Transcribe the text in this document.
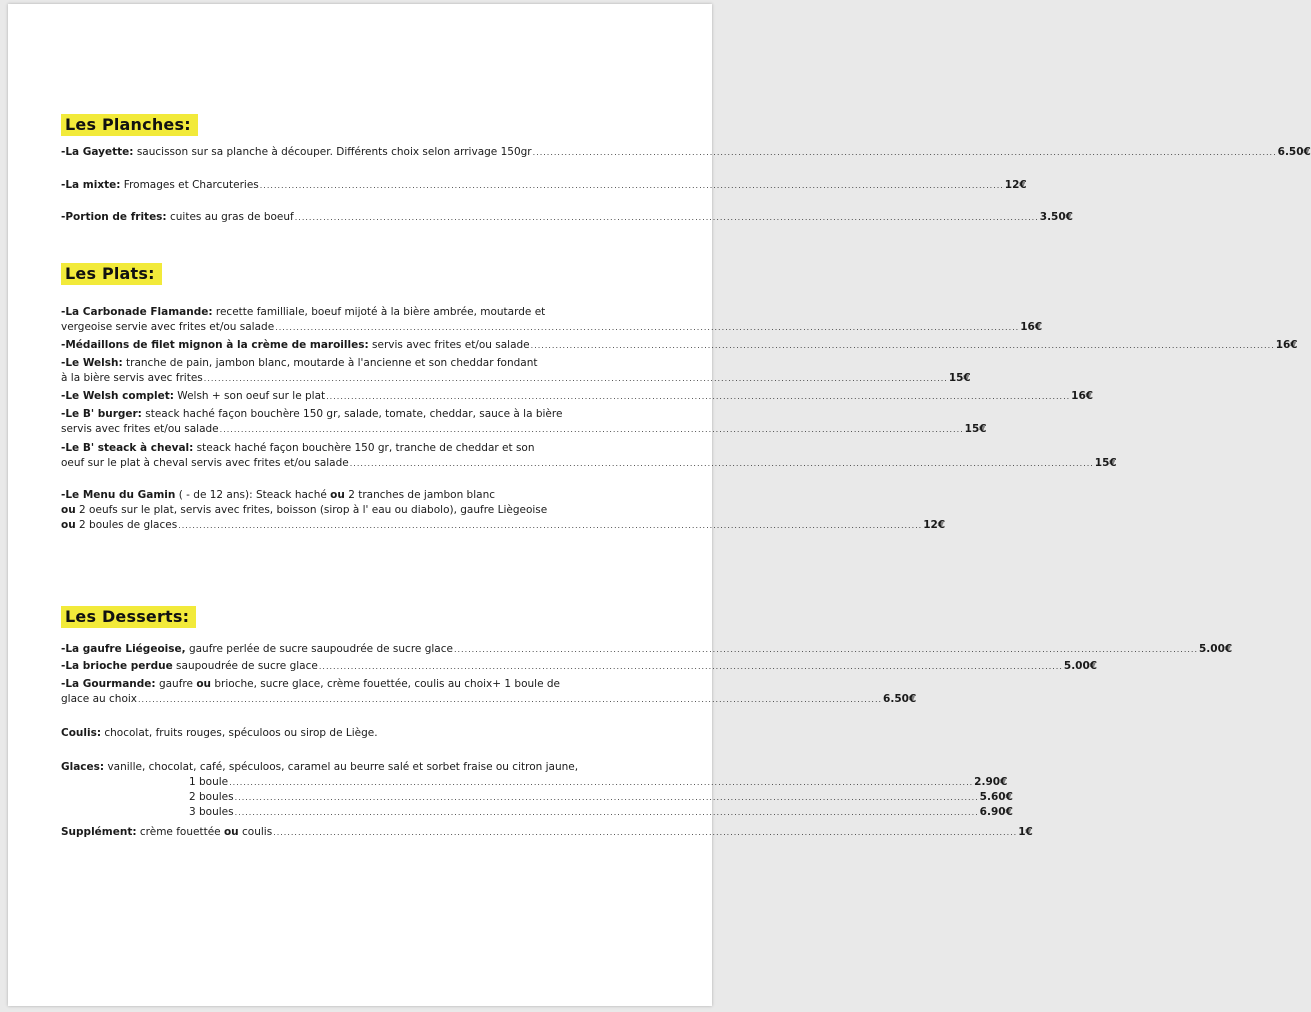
Les Planches:
-La Gayette: saucisson sur sa planche à découper. Différents choix selon arrivage 150gr .....	6.50€
-La mixte: Fromages et Charcuteries .....	12€
-Portion de frites: cuites au gras de boeuf .....	3.50€
Les Plats:
-La Carbonade Flamande: recette familliale, boeuf mijoté à la bière ambrée, moutarde et
vergeoise servie avec frites et/ou salade .....	16€
-Médaillons de filet mignon à la crème de maroilles: servis avec frites et/ou salade .....	16€
-Le Welsh: tranche de pain, jambon blanc, moutarde à l'ancienne et son cheddar fondant
à la bière servis avec frites .....	15€
-Le Welsh complet: Welsh + son oeuf sur le plat .....	16€
-Le B' burger: steack haché façon bouchère 150 gr, salade, tomate, cheddar, sauce à la bière
servis avec frites et/ou salade .....	15€
-Le B' steack à cheval: steack haché façon bouchère 150 gr, tranche de cheddar et son
oeuf sur le plat à cheval servis avec frites et/ou salade .....	15€
-Le Menu du Gamin ( - de 12 ans): Steack haché ou 2 tranches de jambon blanc
ou 2 oeufs sur le plat, servis avec frites, boisson (sirop à l' eau ou diabolo), gaufre Liègeoise
ou 2 boules de glaces .....	12€
Les Desserts:
-La gaufre Liégeoise, gaufre perlée de sucre saupoudrée de sucre glace .....	5.00€
-La brioche perdue saupoudrée de sucre glace .....	5.00€
-La Gourmande: gaufre ou brioche, sucre glace, crème fouettée, coulis au choix+ 1 boule de
glace au choix .....	6.50€
Coulis: chocolat, fruits rouges, spéculoos ou sirop de Liège.
Glaces: vanille, chocolat, café, spéculoos, caramel au beurre salé et sorbet fraise ou citron jaune,
1 boule .....	2.90€
2 boules .....	5.60€
3 boules .....	6.90€
Supplément: crème fouettée ou coulis .....	1€
